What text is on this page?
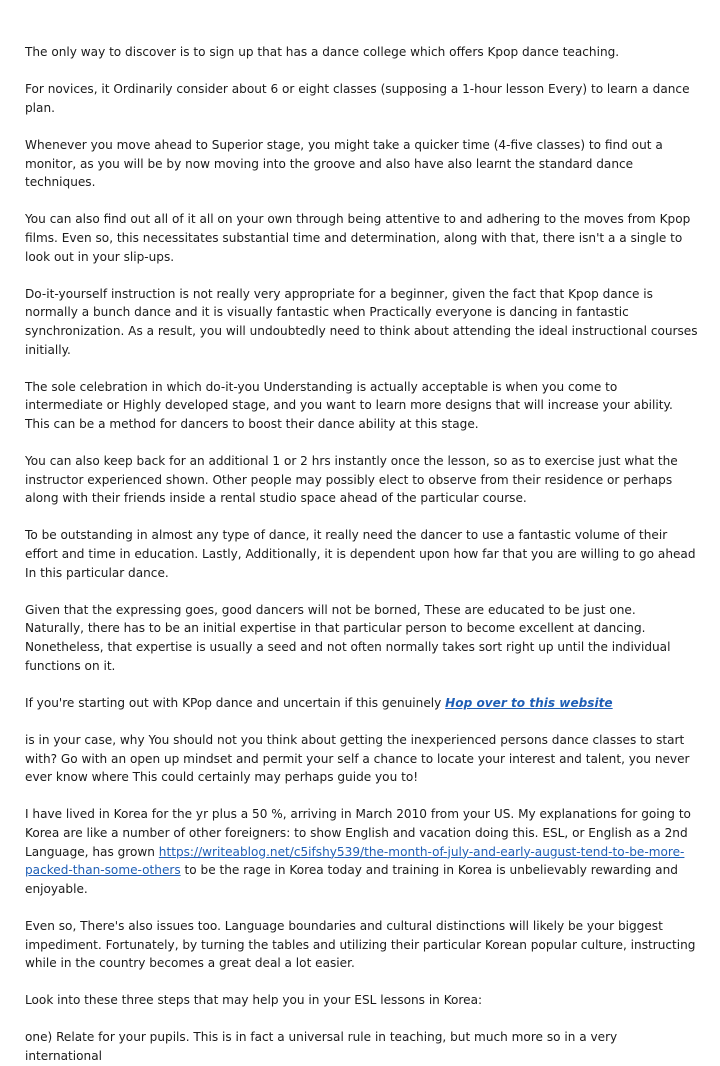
The only way to discover is to sign up that has a dance college which offers Kpop dance teaching.

For novices, it Ordinarily consider about 6 or eight classes (supposing a 1-hour lesson Every) to learn a dance plan.

Whenever you move ahead to Superior stage, you might take a quicker time (4-five classes) to find out a monitor, as you will be by now moving into the groove and also have also learnt the standard dance techniques.

You can also find out all of it all on your own through being attentive to and adhering to the moves from Kpop films. Even so, this necessitates substantial time and determination, along with that, there isn't a a single to look out in your slip-ups.

Do-it-yourself instruction is not really very appropriate for a beginner, given the fact that Kpop dance is normally a bunch dance and it is visually fantastic when Practically everyone is dancing in fantastic synchronization. As a result, you will undoubtedly need to think about attending the ideal instructional courses initially.

The sole celebration in which do-it-you Understanding is actually acceptable is when you come to intermediate or Highly developed stage, and you want to learn more designs that will increase your ability. This can be a method for dancers to boost their dance ability at this stage.

You can also keep back for an additional 1 or 2 hrs instantly once the lesson, so as to exercise just what the instructor experienced shown. Other people may possibly elect to observe from their residence or perhaps along with their friends inside a rental studio space ahead of the particular course.

To be outstanding in almost any type of dance, it really need the dancer to use a fantastic volume of their effort and time in education. Lastly, Additionally, it is dependent upon how far that you are willing to go ahead In this particular dance.

Given that the expressing goes, good dancers will not be borned, These are educated to be just one. Naturally, there has to be an initial expertise in that particular person to become excellent at dancing. Nonetheless, that expertise is usually a seed and not often normally takes sort right up until the individual functions on it.

If you're starting out with KPop dance and uncertain if this genuinely Hop over to this website

is in your case, why You should not you think about getting the inexperienced persons dance classes to start with? Go with an open up mindset and permit your self a chance to locate your interest and talent, you never ever know where This could certainly may perhaps guide you to!

I have lived in Korea for the yr plus a 50 %, arriving in March 2010 from your US. My explanations for going to Korea are like a number of other foreigners: to show English and vacation doing this. ESL, or English as a 2nd Language, has grown https://writeablog.net/c5ifshy539/the-month-of-july-and-early-august-tend-to-be-more-packed-than-some-others to be the rage in Korea today and training in Korea is unbelievably rewarding and enjoyable.

Even so, There's also issues too. Language boundaries and cultural distinctions will likely be your biggest impediment. Fortunately, by turning the tables and utilizing their particular Korean popular culture, instructing while in the country becomes a great deal a lot easier.

Look into these three steps that may help you in your ESL lessons in Korea:

one) Relate for your pupils. This is in fact a universal rule in teaching, but much more so in a very international
